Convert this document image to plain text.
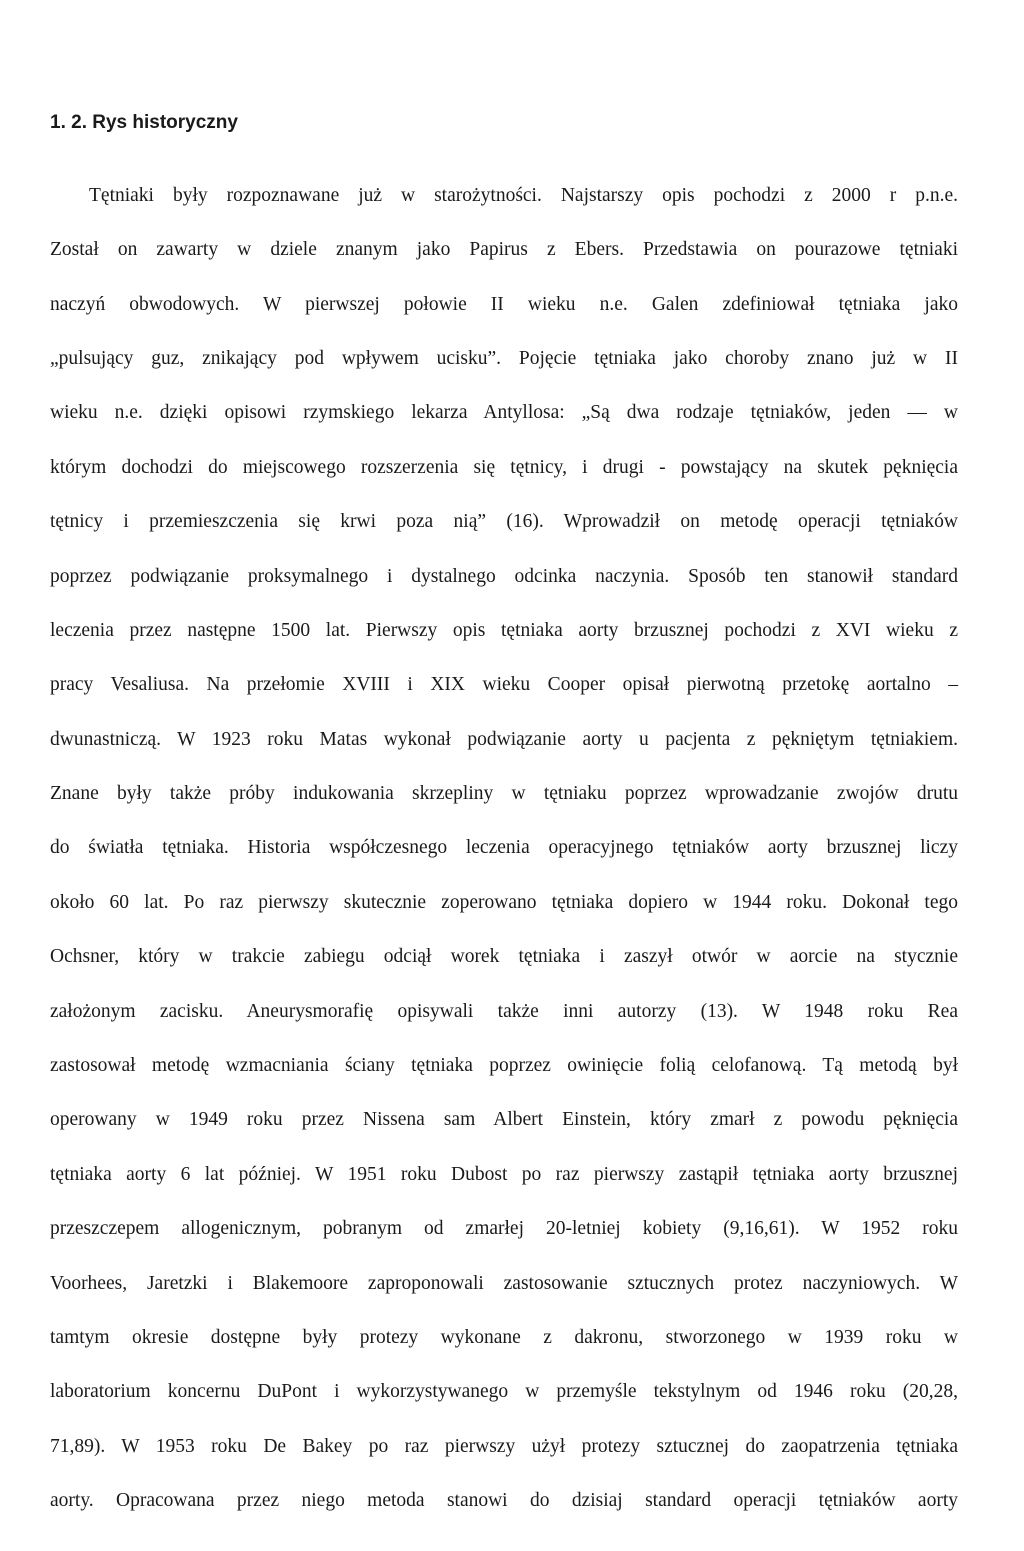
1. 2. Rys historyczny
Tętniaki były rozpoznawane już w starożytności. Najstarszy opis pochodzi z 2000 r p.n.e.
Został on zawarty w dziele znanym jako Papirus z Ebers. Przedstawia on pourazowe tętniaki
naczyń obwodowych. W pierwszej połowie II wieku n.e. Galen zdefiniował tętniaka jako
„pulsujący guz, znikający pod wpływem ucisku”. Pojęcie tętniaka jako choroby znano już w II
wieku n.e. dzięki opisowi rzymskiego lekarza Antyllosa: „Są dwa rodzaje tętniaków, jeden — w
którym dochodzi do miejscowego rozszerzenia się tętnicy, i drugi - powstający na skutek pęknięcia
tętnicy i przemieszczenia się krwi poza nią” (16). Wprowadził on metodę operacji tętniaków
poprzez podwiązanie proksymalnego i dystalnego odcinka naczynia. Sposób ten stanowił standard
leczenia przez następne 1500 lat. Pierwszy opis tętniaka aorty brzusznej pochodzi z XVI wieku z
pracy Vesaliusa. Na przełomie XVIII i XIX wieku Cooper opisał pierwotną przetokę aortalno –
dwunastniczą. W 1923 roku Matas wykonał podwiązanie aorty u pacjenta z pękniętym tętniakiem.
Znane były także próby indukowania skrzepliny w tętniaku poprzez wprowadzanie zwojów drutu
do światła tętniaka. Historia współczesnego leczenia operacyjnego tętniaków aorty brzusznej liczy
około 60 lat. Po raz pierwszy skutecznie zoperowano tętniaka dopiero w 1944 roku. Dokonał tego
Ochsner, który w trakcie zabiegu odciął worek tętniaka i zaszył otwór w aorcie na stycznie
założonym zacisku. Aneurysmorafię opisywali także inni autorzy (13). W 1948 roku Rea
zastosował metodę wzmacniania ściany tętniaka poprzez owinięcie folią celofanową. Tą metodą był
operowany w 1949 roku przez Nissena sam Albert Einstein, który zmarł z powodu pęknięcia
tętniaka aorty 6 lat później. W 1951 roku Dubost po raz pierwszy zastąpił tętniaka aorty brzusznej
przeszczepem allogenicznym, pobranym od zmarłej 20-letniej kobiety (9,16,61). W 1952 roku
Voorhees, Jaretzki i Blakemoore zaproponowali zastosowanie sztucznych protez naczyniowych. W
tamtym okresie dostępne były protezy wykonane z dakronu, stworzonego w 1939 roku w
laboratorium koncernu DuPont i wykorzystywanego w przemyśle tekstylnym od 1946 roku (20,28,
71,89). W 1953 roku De Bakey po raz pierwszy użył protezy sztucznej do zaopatrzenia tętniaka
aorty. Opracowana przez niego metoda stanowi do dzisiaj standard operacji tętniaków aorty
